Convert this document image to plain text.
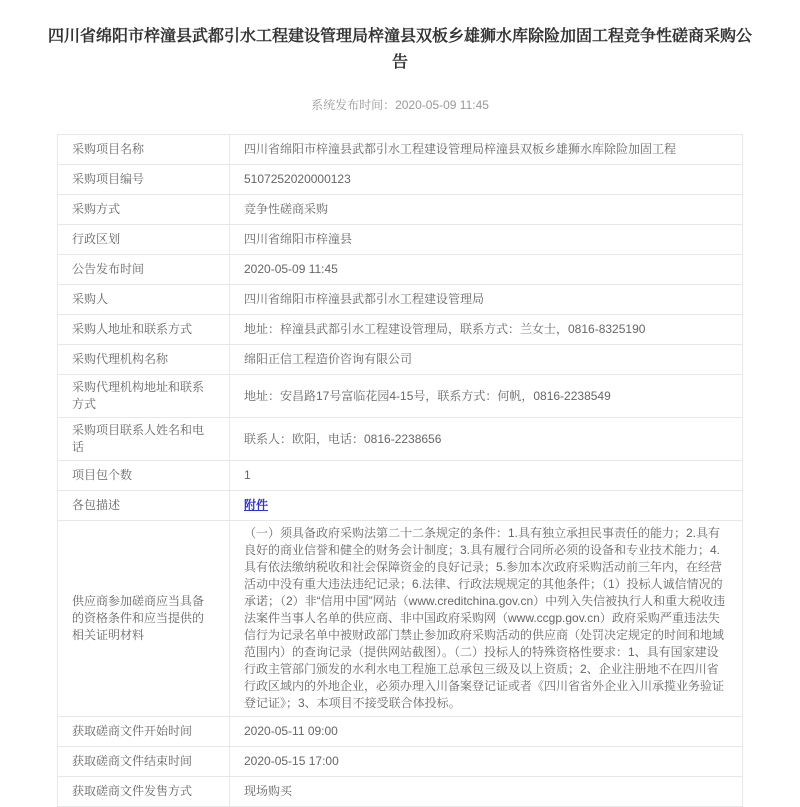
四川省绵阳市梓潼县武都引水工程建设管理局梓潼县双板乡雄狮水库除险加固工程竞争性磋商采购公告
系统发布时间：2020-05-09 11:45
采购项目名称	四川省绵阳市梓潼县武都引水工程建设管理局梓潼县双板乡雄狮水库除险加固工程
采购项目编号	5107252020000123
采购方式	竞争性磋商采购
行政区划	四川省绵阳市梓潼县
公告发布时间	2020-05-09 11:45
采购人	四川省绵阳市梓潼县武都引水工程建设管理局
采购人地址和联系方式	地址：梓潼县武都引水工程建设管理局，联系方式：兰女士，0816-8325190
采购代理机构名称	绵阳正信工程造价咨询有限公司
采购代理机构地址和联系方式	地址：安昌路17号富临花园4-15号，联系方式：何帆，0816-2238549
采购项目联系人姓名和电话	联系人：欧阳，电话：0816-2238656
项目包个数	1
各包描述	附件
供应商参加磋商应当具备的资格条件和应当提供的相关证明材料	（一）须具备政府采购法第二十二条规定的条件：1.具有独立承担民事责任的能力；2.具有良好的商业信誉和健全的财务会计制度；3.具有履行合同所必须的设备和专业技术能力；4.具有依法缴纳税收和社会保障资金的良好记录；5.参加本次政府采购活动前三年内，在经营活动中没有重大违法违纪记录；6.法律、行政法规规定的其他条件；（1）投标人诚信情况的承诺；（2）非“信用中国”网站（www.creditchina.gov.cn）中列入失信被执行人和重大税收违法案件当事人名单的供应商、非中国政府采购网（www.ccgp.gov.cn）政府采购严重违法失信行为记录名单中被财政部门禁止参加政府采购活动的供应商（处罚决定规定的时间和地域范围内）的查询记录（提供网站截图）。（二）投标人的特殊资格性要求：1、具有国家建设行政主管部门颁发的水利水电工程施工总承包三级及以上资质；2、企业注册地不在四川省行政区域内的外地企业，必须办理入川备案登记证或者《四川省省外企业入川承揽业务验证登记证》；3、本项目不接受联合体投标。
获取磋商文件开始时间	2020-05-11 09:00
获取磋商文件结束时间	2020-05-15 17:00
获取磋商文件发售方式	现场购买
